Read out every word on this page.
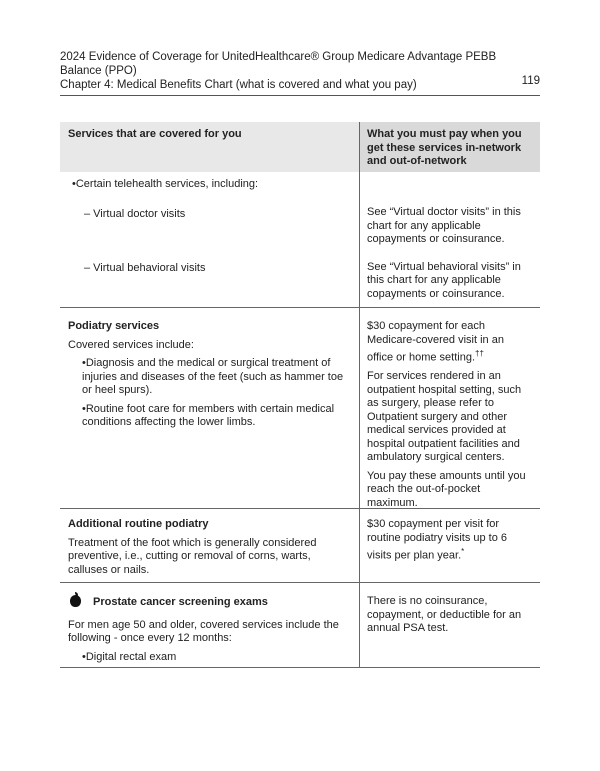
2024 Evidence of Coverage for UnitedHealthcare® Group Medicare Advantage PEBB Balance (PPO)
Chapter 4: Medical Benefits Chart (what is covered and what you pay)	119
Services that are covered for you	What you must pay when you get these services in-network and out-of-network

•Certain telehealth services, including:

– Virtual doctor visits

– Virtual behavioral visits

See “Virtual doctor visits” in this chart for any applicable copayments or coinsurance.

See “Virtual behavioral visits” in this chart for any applicable copayments or coinsurance.

Podiatry services

Covered services include:

•Diagnosis and the medical or surgical treatment of injuries and diseases of the feet (such as hammer toe or heel spurs).

•Routine foot care for members with certain medical conditions affecting the lower limbs.

$30 copayment for each Medicare-covered visit in an office or home setting.††

For services rendered in an outpatient hospital setting, such as surgery, please refer to Outpatient surgery and other medical services provided at hospital outpatient facilities and ambulatory surgical centers.

You pay these amounts until you reach the out-of-pocket maximum.

Additional routine podiatry

Treatment of the foot which is generally considered preventive, i.e., cutting or removal of corns, warts, calluses or nails.

$30 copayment per visit for routine podiatry visits up to 6 visits per plan year.*

Prostate cancer screening exams

For men age 50 and older, covered services include the following - once every 12 months:

•Digital rectal exam

There is no coinsurance, copayment, or deductible for an annual PSA test.
